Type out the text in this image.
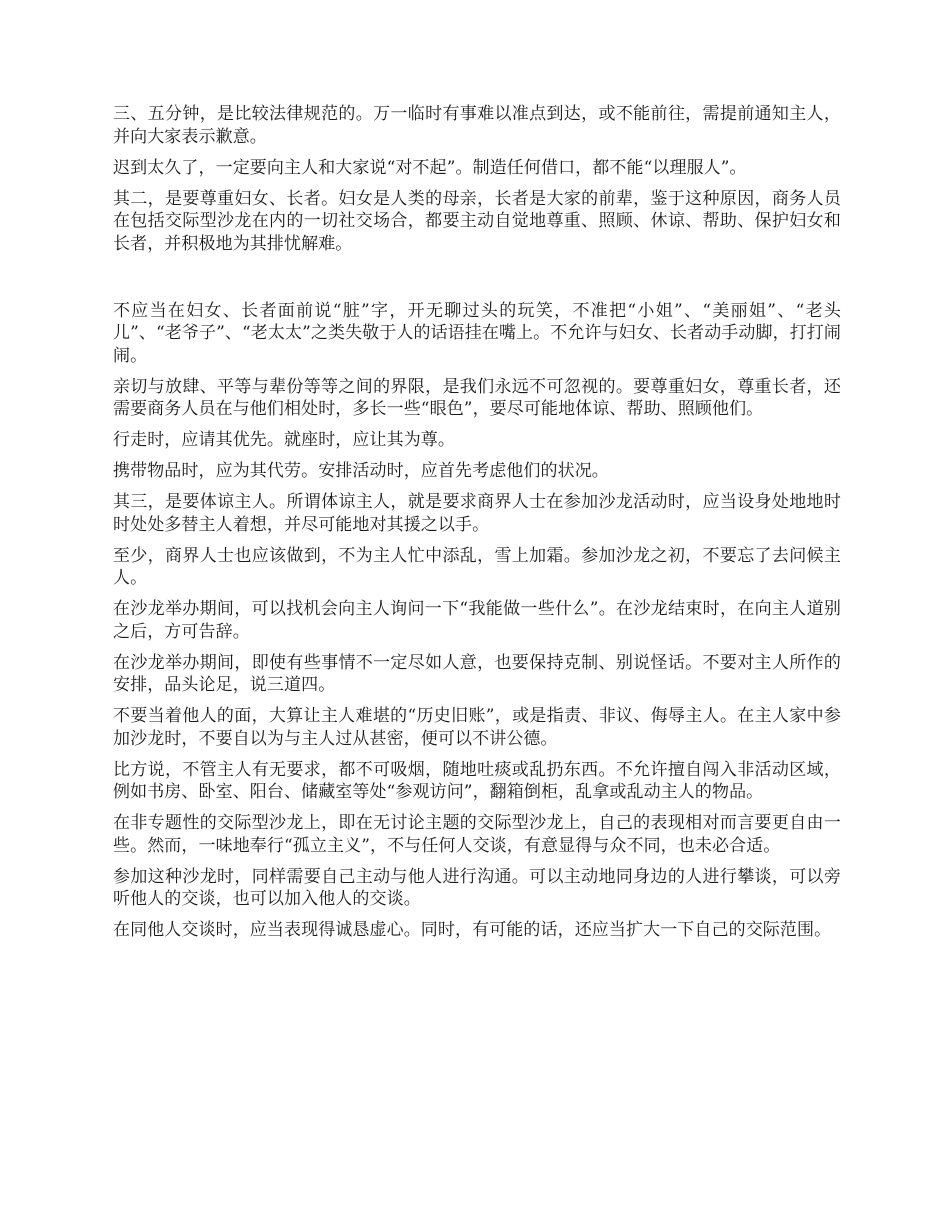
三、五分钟，是比较法律规范的。万一临时有事难以准点到达，或不能前往，需提前通知主人，并向大家表示歉意。

迟到太久了，一定要向主人和大家说“对不起”。制造任何借口，都不能“以理服人”。

其二，是要尊重妇女、长者。妇女是人类的母亲，长者是大家的前辈，鉴于这种原因，商务人员在包括交际型沙龙在内的一切社交场合，都要主动自觉地尊重、照顾、休谅、帮助、保护妇女和长者，并积极地为其排忧解难。

不应当在妇女、长者面前说“脏”字，开无聊过头的玩笑，不准把“小姐”、“美丽姐”、“老头儿”、“老爷子”、“老太太”之类失敬于人的话语挂在嘴上。不允许与妇女、长者动手动脚，打打闹闹。

亲切与放肆、平等与辈份等等之间的界限，是我们永远不可忽视的。要尊重妇女，尊重长者，还需要商务人员在与他们相处时，多长一些“眼色”，要尽可能地体谅、帮助、照顾他们。

行走时，应请其优先。就座时，应让其为尊。

携带物品时，应为其代劳。安排活动时，应首先考虑他们的状况。

其三，是要体谅主人。所谓体谅主人，就是要求商界人士在参加沙龙活动时，应当设身处地地时时处处多替主人着想，并尽可能地对其援之以手。

至少，商界人士也应该做到，不为主人忙中添乱，雪上加霜。参加沙龙之初，不要忘了去问候主人。

在沙龙举办期间，可以找机会向主人询问一下“我能做一些什么”。在沙龙结束时，在向主人道别之后，方可告辞。

在沙龙举办期间，即使有些事情不一定尽如人意，也要保持克制、别说怪话。不要对主人所作的安排，品头论足，说三道四。

不要当着他人的面，大算让主人难堪的“历史旧账”，或是指责、非议、侮辱主人。在主人家中参加沙龙时，不要自以为与主人过从甚密，便可以不讲公德。

比方说，不管主人有无要求，都不可吸烟，随地吐痰或乱扔东西。不允许擅自闯入非活动区域，例如书房、卧室、阳台、储藏室等处“参观访问”，翻箱倒柜，乱拿或乱动主人的物品。

在非专题性的交际型沙龙上，即在无讨论主题的交际型沙龙上，自己的表现相对而言要更自由一些。然而，一味地奉行“孤立主义”，不与任何人交谈，有意显得与众不同，也未必合适。

参加这种沙龙时，同样需要自己主动与他人进行沟通。可以主动地同身边的人进行攀谈，可以旁听他人的交谈，也可以加入他人的交谈。

在同他人交谈时，应当表现得诚恳虚心。同时，有可能的话，还应当扩大一下自己的交际范围。
